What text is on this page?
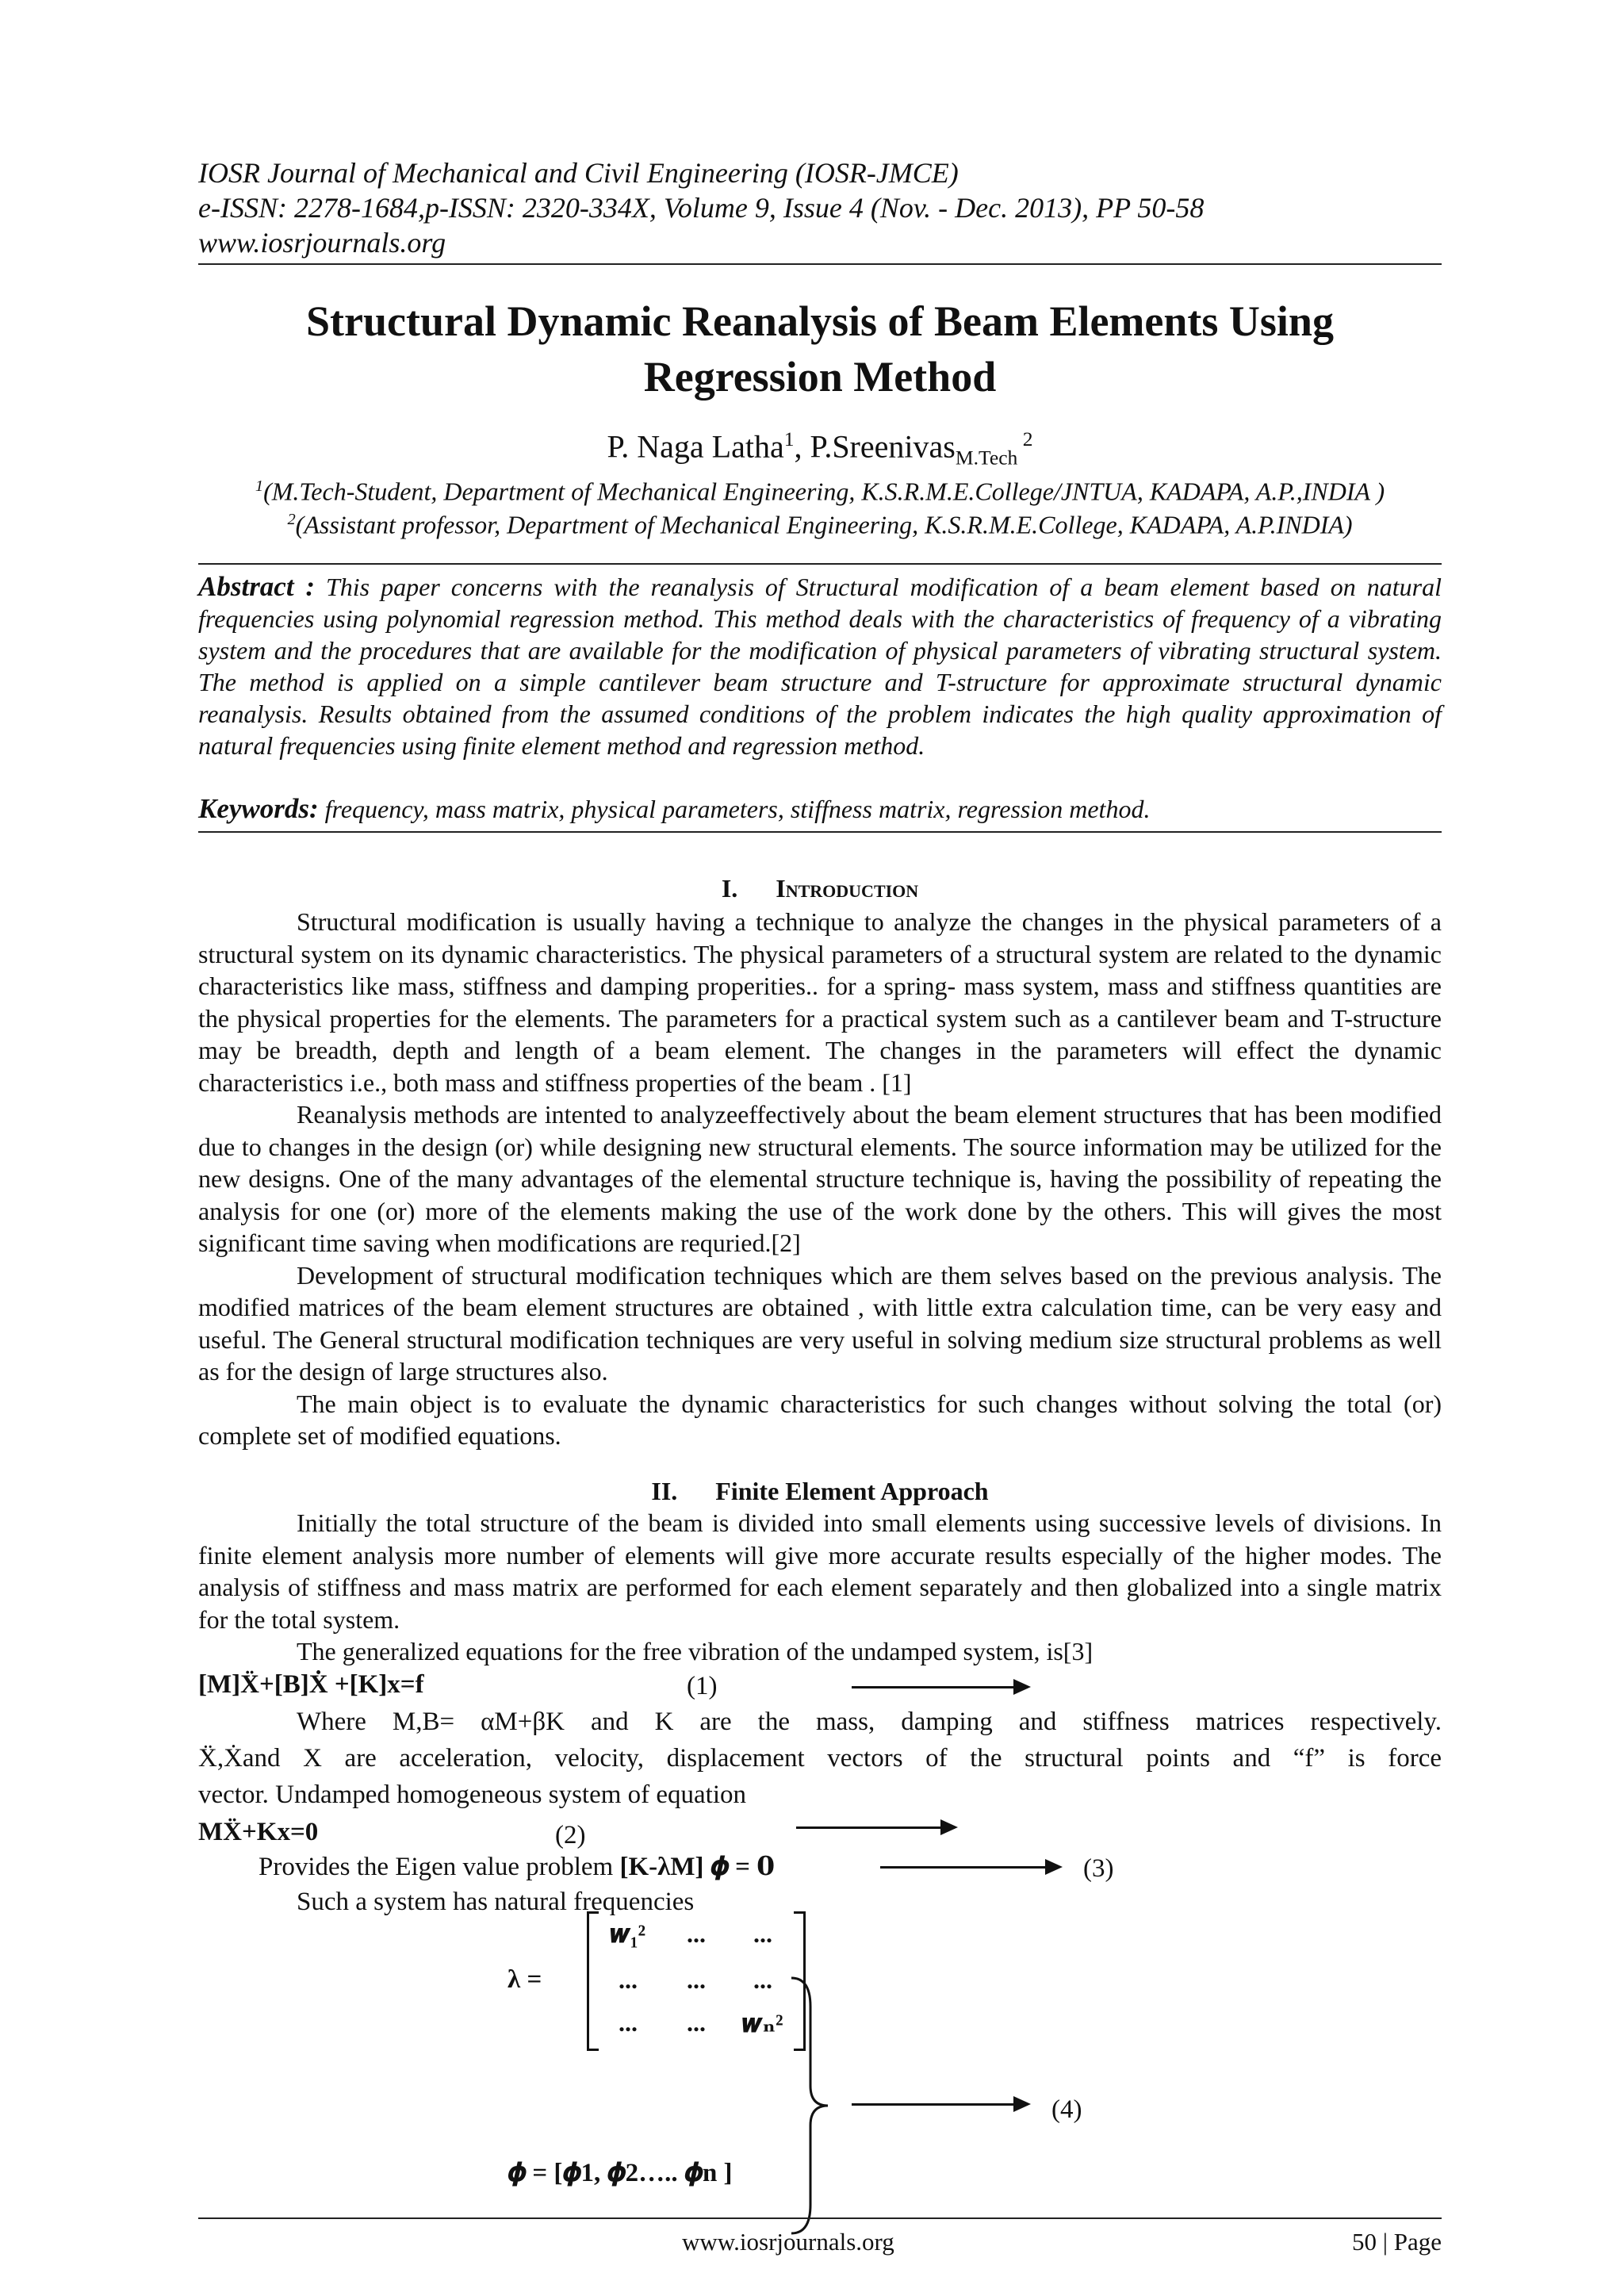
IOSR Journal of Mechanical and Civil Engineering (IOSR-JMCE)
e-ISSN: 2278-1684,p-ISSN: 2320-334X, Volume 9, Issue 4 (Nov. - Dec. 2013), PP 50-58
www.iosrjournals.org
Structural Dynamic Reanalysis of Beam Elements Using
Regression Method
P. Naga Latha$^1$, P.Sreenivas$_{M.Tech}$ $^2$
$^1$(M.Tech-Student, Department of Mechanical Engineering, K.S.R.M.E.College/JNTUA, KADAPA, A.P.,INDIA )
$^2$(Assistant professor, Department of Mechanical Engineering, K.S.R.M.E.College, KADAPA, A.P.INDIA)
Abstract : This paper concerns with the reanalysis of Structural modification of a beam element based on natural frequencies using polynomial regression method. This method deals with the characteristics of frequency of a vibrating system and the procedures that are available for the modification of physical parameters of vibrating structural system. The method is applied on a simple cantilever beam structure and T-structure for approximate structural dynamic reanalysis. Results obtained from the assumed conditions of the problem indicates the high quality approximation of natural frequencies using finite element method and regression method.
Keywords: frequency, mass matrix, physical parameters, stiffness matrix, regression method.
I. Introduction

Structural modification is usually having a technique to analyze the changes in the physical parameters of a structural system on its dynamic characteristics. The physical parameters of a structural system are related to the dynamic characteristics like mass, stiffness and damping properities.. for a spring- mass system, mass and stiffness quantities are the physical properties for the elements. The parameters for a practical system such as a cantilever beam and T-structure may be breadth, depth and length of a beam element. The changes in the parameters will effect the dynamic characteristics i.e., both mass and stiffness properties of the beam . [1]

Reanalysis methods are intented to analyzeeffectively about the beam element structures that has been modified due to changes in the design (or) while designing new structural elements. The source information may be utilized for the new designs. One of the many advantages of the elemental structure technique is, having the possibility of repeating the analysis for one (or) more of the elements making the use of the work done by the others. This will gives the most significant time saving when modifications are requried.[2]

Development of structural modification techniques which are them selves based on the previous analysis. The modified matrices of the beam element structures are obtained , with little extra calculation time, can be very easy and useful. The General structural modification techniques are very useful in solving medium size structural problems as well as for the design of large structures also.

The main object is to evaluate the dynamic characteristics for such changes without solving the total (or) complete set of modified equations.

II. Finite Element Approach

Initially the total structure of the beam is divided into small elements using successive levels of divisions. In finite element analysis more number of elements will give more accurate results especially of the higher modes. The analysis of stiffness and mass matrix are performed for each element separately and then globalized into a single matrix for the total system.

The generalized equations for the free vibration of the undamped system, is[3]

[M]Ẍ+[B]Ẋ +[K]x=f	(1)
Where M,B= αM+βK and K are the mass, damping and stiffness matrices respectively.
Ẍ,Ẋand X are acceleration, velocity, displacement vectors of the structural points and “f” is force
vector. Undamped homogeneous system of equation
MẌ+Kx=0	(2)
Provides the Eigen value problem [K-λM] 𝝓 = 𝟎	(3)
Such a system has natural frequencies
λ =
𝒘₁²	...	...
...	...	...
...	...	𝒘ₙ²
(4)
𝝓 = [𝝓1, 𝝓2….. 𝝓n ]
www.iosrjournals.org	50 | Page
